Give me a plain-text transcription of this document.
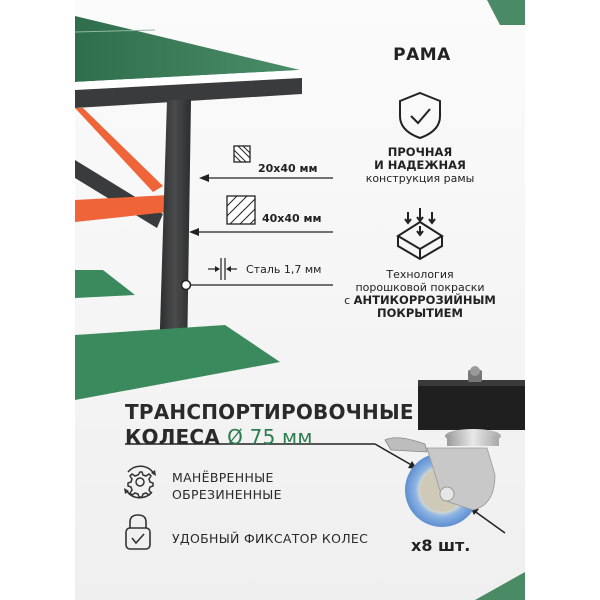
РАМА
20x40 мм
40x40 мм
Сталь 1,7 мм
ПРОЧНАЯ
И НАДЕЖНАЯ
конструкция рамы
Технология
порошковой покраски
с АНТИКОРРОЗИЙНЫМ
ПОКРЫТИЕМ
ТРАНСПОРТИРОВОЧНЫЕ
КОЛЕСА Ø 75 мм
МАНЁВРЕННЫЕ
ОБРЕЗИНЕННЫЕ
УДОБНЫЙ ФИКСАТОР КОЛЕС	x8 шт.
